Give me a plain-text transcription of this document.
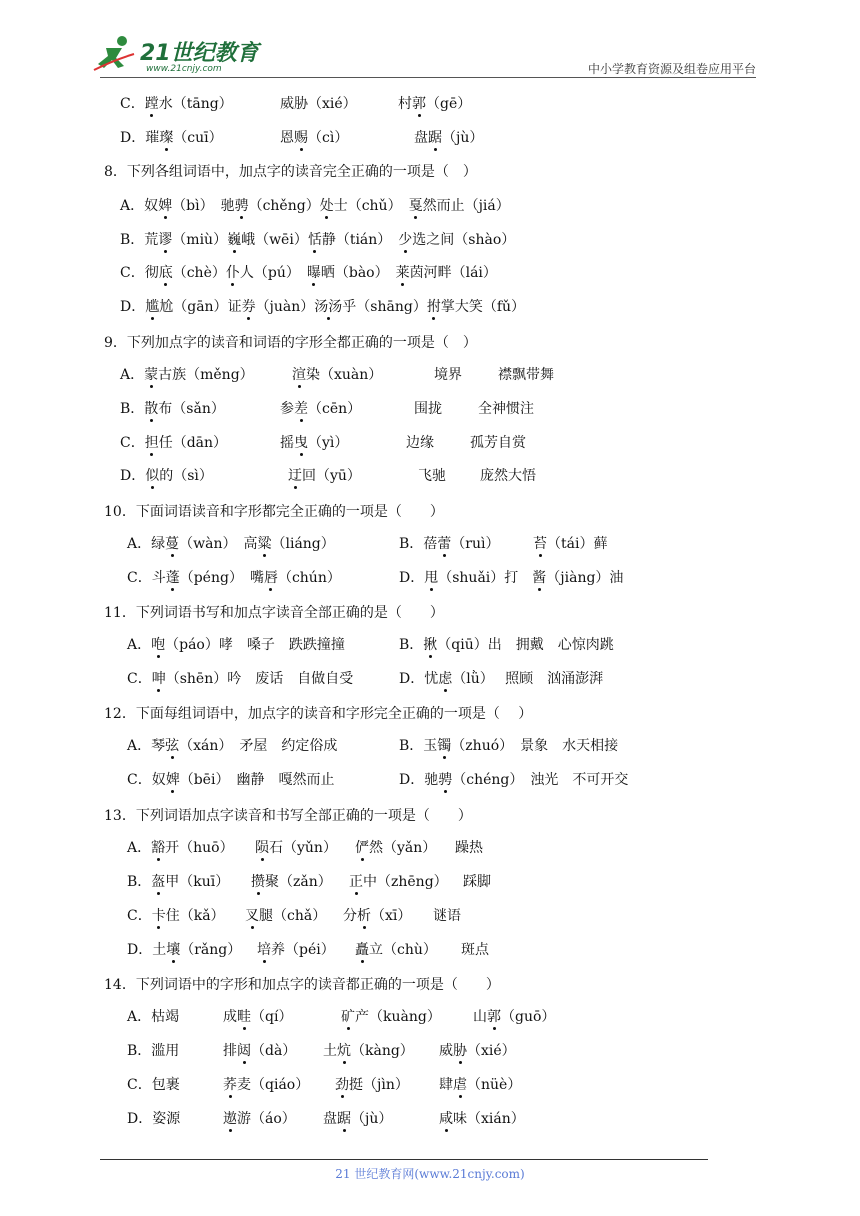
21世纪教育
www.21cnjy.com	中小学教育资源及组卷应用平台
C．蹚水（tāng）	威胁（xié）	村郭（gē）
D．璀璨（cuī）	恩赐（cì）	盘踞（jù）
8．下列各组词语中，加点字的读音完全正确的一项是（　）
A．奴婢（bì）　驰骋（chěng）处士（chǔ）　戛然而止（jiá）
B．荒谬（miù）巍峨（wēi）恬静（tián）　少选之间（shào）
C．彻底（chè）仆人（pú）　曝晒（bào）　莱茵河畔（lái）
D．尴尬（gān）证券（juàn）汤汤乎（shāng）拊掌大笑（fǔ）
9．下列加点字的读音和词语的字形全都正确的一项是（　）
A．蒙古族（měng）	渲染（xuàn）	境界	襟飘带舞
B．散布（sǎn）	参差（cēn）	围拢	全神惯注
C．担任（dān）	摇曳（yì）	边缘	孤芳自赏
D．似的（sì）	迂回（yū）	飞驰 庞然大悟
10．下面词语读音和字形都完全正确的一项是（　　）
A．绿蔓（wàn）　高粱（liáng）	B．蓓蕾（ruì） 苔（tái）藓
C．斗蓬（péng）　嘴唇（chún）	D．甩（shuǎi）打　酱（jiàng）油
11．下列词语书写和加点字读音全部正确的是（　　）
A．咆（páo）哮　嗓子　跌跌撞撞	B．揪（qiū）出　拥戴　心惊肉跳
C．呻（shēn）吟　废话　自做自受	D．忧虑（lǜ）　 照顾　汹涌澎湃
12．下面每组词语中，加点字的读音和字形完全正确的一项是（　 ）
A．琴弦（xán）　矛屋　约定俗成	B．玉镯（zhuó）　景象　水天相接
C．奴婢（bēi）　幽静　嘎然而止	D．驰骋（chéng）　浊光　不可开交
13．下列词语加点字读音和书写全部正确的一项是（　　）
A．豁开（huō） 陨石（yǔn） 俨然（yǎn） 躁热
B．盔甲（kuī） 攒聚（zǎn） 正中（zhēng） 踩脚
C．卡住（kǎ） 叉腿（chǎ） 分析（xī） 谜语
D．土壤（rǎng） 培养（péi） 矗立（chù） 斑点
14．下列词语中的字形和加点字的读音都正确的一项是（　　）
A．枯竭	成畦（qí）	矿产（kuàng） 山郭（guō）
B．滥用	排闼（dà） 土炕（kàng） 威胁（xié）
C．包裹	荞麦（qiáo） 劲挺（jìn） 肆虐（nüè）
D．姿源	遨游（áo） 盘踞（jù）	咸味（xián）
21 世纪教育网(www.21cnjy.com)
